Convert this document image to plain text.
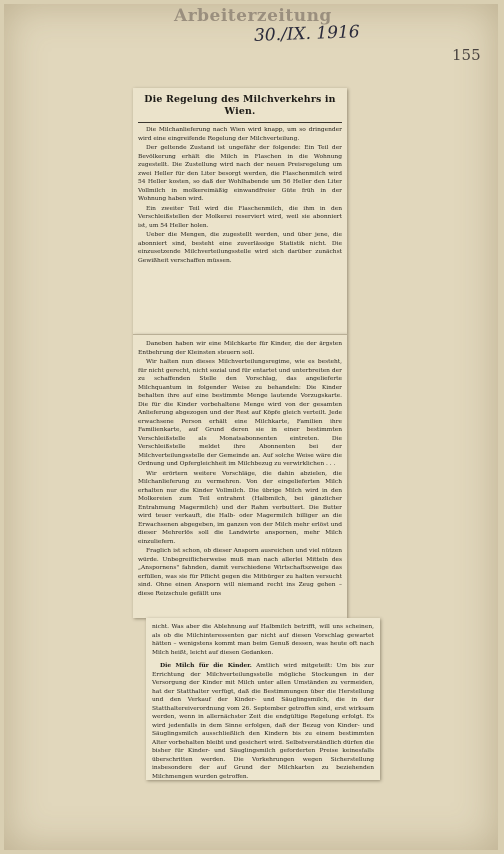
Arbeiterzeitung
30./IX. 1916
155
Die Regelung des Milchverkehrs in Wien.

Die Milchanlieferung nach Wien wird knapp, um so dringender wird eine eingreifende Regelung der Milchverteilung.

Der geltende Zustand ist ungefähr der folgende: Ein Teil der Bevölkerung erhält die Milch in Flaschen in die Wohnung zugestellt. Die Zustellung wird nach der neuen Preisregelung um zwei Heller für den Liter besorgt werden, die Flaschenmilch wird 54 Heller kosten, so daß der Wohlhabende um 56 Heller den Liter Vollmilch in molkereimäßig einwandfreier Güte früh in der Wohnung haben wird.

Ein zweiter Teil wird die Flaschenmilch, die ihm in den Verschleißstellen der Molkerei reserviert wird, weil sie abonniert ist, um 54 Heller holen.

Ueber die Mengen, die zugestellt werden, und über jene, die abonniert sind, besteht eine zuverlässige Statistik nicht. Die einzusetzende Milchverteilungsstelle wird sich darüber zunächst Gewißheit verschaffen müssen.

Daneben haben wir eine Milchkarte für Kinder, die der ärgsten Entbehrung der Kleinsten steuern soll.

Wir halten nun dieses Milchverteilungsregime, wie es besteht, für nicht gerecht, nicht sozial und für entartet und unterbreiten der zu schaffenden Stelle den Vorschlag, das angelieferte Milchquantum in folgender Weise zu behandeln: Die Kinder behalten ihre auf eine bestimmte Menge lautende Vorzugskarte. Die für die Kinder vorbehaltene Menge wird von der gesamten Anlieferung abgezogen und der Rest auf Köpfe gleich verteilt. Jede erwachsene Person erhält eine Milchkarte, Familien ihre Familienkarte, auf Grund deren sie in einer bestimmten Verschleißstelle als Monatsabonnenten eintreten. Die Verschleißstelle meldet ihre Abonnenten bei der Milchverteilungsstelle der Gemeinde an. Auf solche Weise wäre die Ordnung und Opfergleichheit im Milchbezug zu verwirklichen . . .

Wir erörtern weitere Vorschläge, die dahin abzielen, die Milchanlieferung zu vermehren. Von der eingelieferten Milch erhalten nur die Kinder Vollmilch. Die übrige Milch wird in den Molkereien zum Teil entrahmt (Halbmilch, bei gänzlicher Entrahmung Magermilch) und der Rahm verbuttert. Die Butter wird teuer verkauft, die Halb- oder Magermilch billiger an die Erwachsenen abgegeben, im ganzen von der Milch mehr erlöst und dieser Mehrerlös soll die Landwirte anspornen, mehr Milch einzuliefern.

Fraglich ist schon, ob dieser Ansporn ausreichen und viel nützen würde. Unbegreiflicherweise muß man nach allerlei Mitteln des „Anspornens" fahnden, damit verschiedene Wirtschaftszweige das erfüllen, was sie für Pflicht gegen die Mitbürger zu halten versucht sind. Ohne einen Ansporn will niemand recht ins Zeug gehen – diese Reizschule gefällt uns

nicht. Was aber die Ablehnung auf Halbmilch betrifft, will uns scheinen, als ob die Milchinteressenten gar nicht auf diesen Vorschlag gewartet hätten – wenigstens kommt man beim Genuß dessen, was heute oft nach Milch heißt, leicht auf diesen Gedanken.

Die Milch für die Kinder. Amtlich wird mitgeteilt: Um bis zur Errichtung der Milchverteilungsstelle mögliche Stockungen in der Versorgung der Kinder mit Milch unter allen Umständen zu vermeiden, hat der Statthalter verfügt, daß die Bestimmungen über die Herstellung und den Verkauf der Kinder- und Säuglingsmilch, die in der Statthaltereiverordnung vom 26. September getroffen sind, erst wirksam werden, wenn in allernächster Zeit die endgültige Regelung erfolgt. Es wird jedenfalls in dem Sinne erfolgen, daß der Bezug von Kinder- und Säuglingsmilch ausschließlich den Kindern bis zu einem bestimmten Alter vorbehalten bleibt und gesichert wird. Selbstverständlich dürfen die bisher für Kinder- und Säuglingsmilch geforderten Preise keinesfalls überschritten werden. Die Vorkehrungen wegen Sicherstellung insbesondere der auf Grund der Milchkarten zu beziehenden Milchmengen wurden getroffen.
